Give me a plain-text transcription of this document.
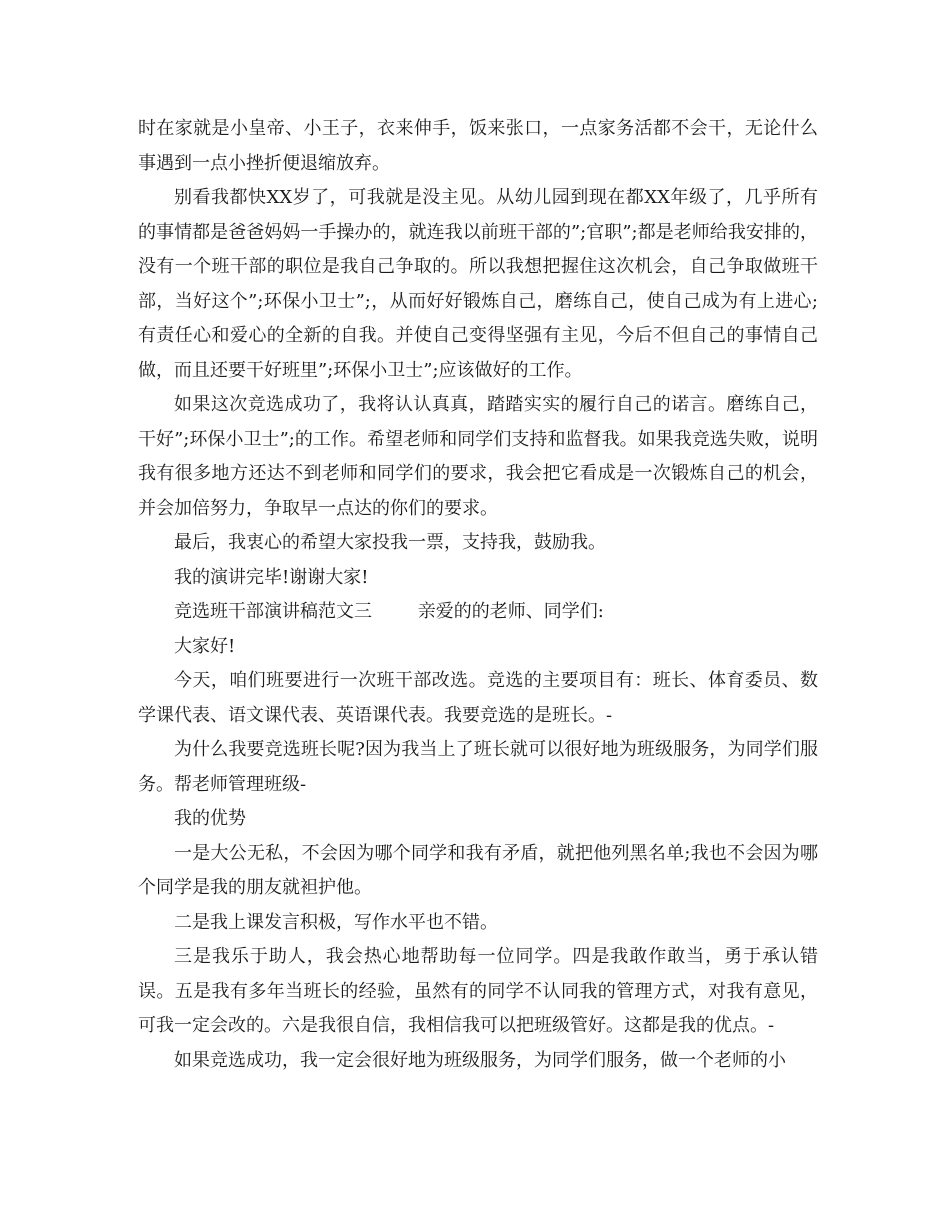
时在家就是小皇帝、小王子，衣来伸手，饭来张口，一点家务活都不会干，无论什么事遇到一点小挫折便退缩放弃。

别看我都快XX岁了，可我就是没主见。从幼儿园到现在都XX年级了，几乎所有的事情都是爸爸妈妈一手操办的，就连我以前班干部的”;官职”;都是老师给我安排的，没有一个班干部的职位是我自己争取的。所以我想把握住这次机会，自己争取做班干部，当好这个”;环保小卫士”;，从而好好锻炼自己，磨练自己，使自己成为有上进心;有责任心和爱心的全新的自我。并使自己变得坚强有主见，今后不但自己的事情自己做，而且还要干好班里”;环保小卫士”;应该做好的工作。

如果这次竞选成功了，我将认认真真，踏踏实实的履行自己的诺言。磨练自己，干好”;环保小卫士”;的工作。希望老师和同学们支持和监督我。如果我竞选失败，说明我有很多地方还达不到老师和同学们的要求，我会把它看成是一次锻炼自己的机会，并会加倍努力，争取早一点达的你们的要求。

最后，我衷心的希望大家投我一票，支持我，鼓励我。

我的演讲完毕!谢谢大家!

竞选班干部演讲稿范文三        亲爱的的老师、同学们:

大家好!

今天，咱们班要进行一次班干部改选。竞选的主要项目有：班长、体育委员、数学课代表、语文课代表、英语课代表。我要竞选的是班长。-

为什么我要竞选班长呢?因为我当上了班长就可以很好地为班级服务，为同学们服务。帮老师管理班级-

我的优势

一是大公无私，不会因为哪个同学和我有矛盾，就把他列黑名单;我也不会因为哪个同学是我的朋友就袒护他。

二是我上课发言积极，写作水平也不错。

三是我乐于助人，我会热心地帮助每一位同学。四是我敢作敢当，勇于承认错误。五是我有多年当班长的经验，虽然有的同学不认同我的管理方式，对我有意见，可我一定会改的。六是我很自信，我相信我可以把班级管好。这都是我的优点。-

如果竞选成功，我一定会很好地为班级服务，为同学们服务，做一个老师的小
